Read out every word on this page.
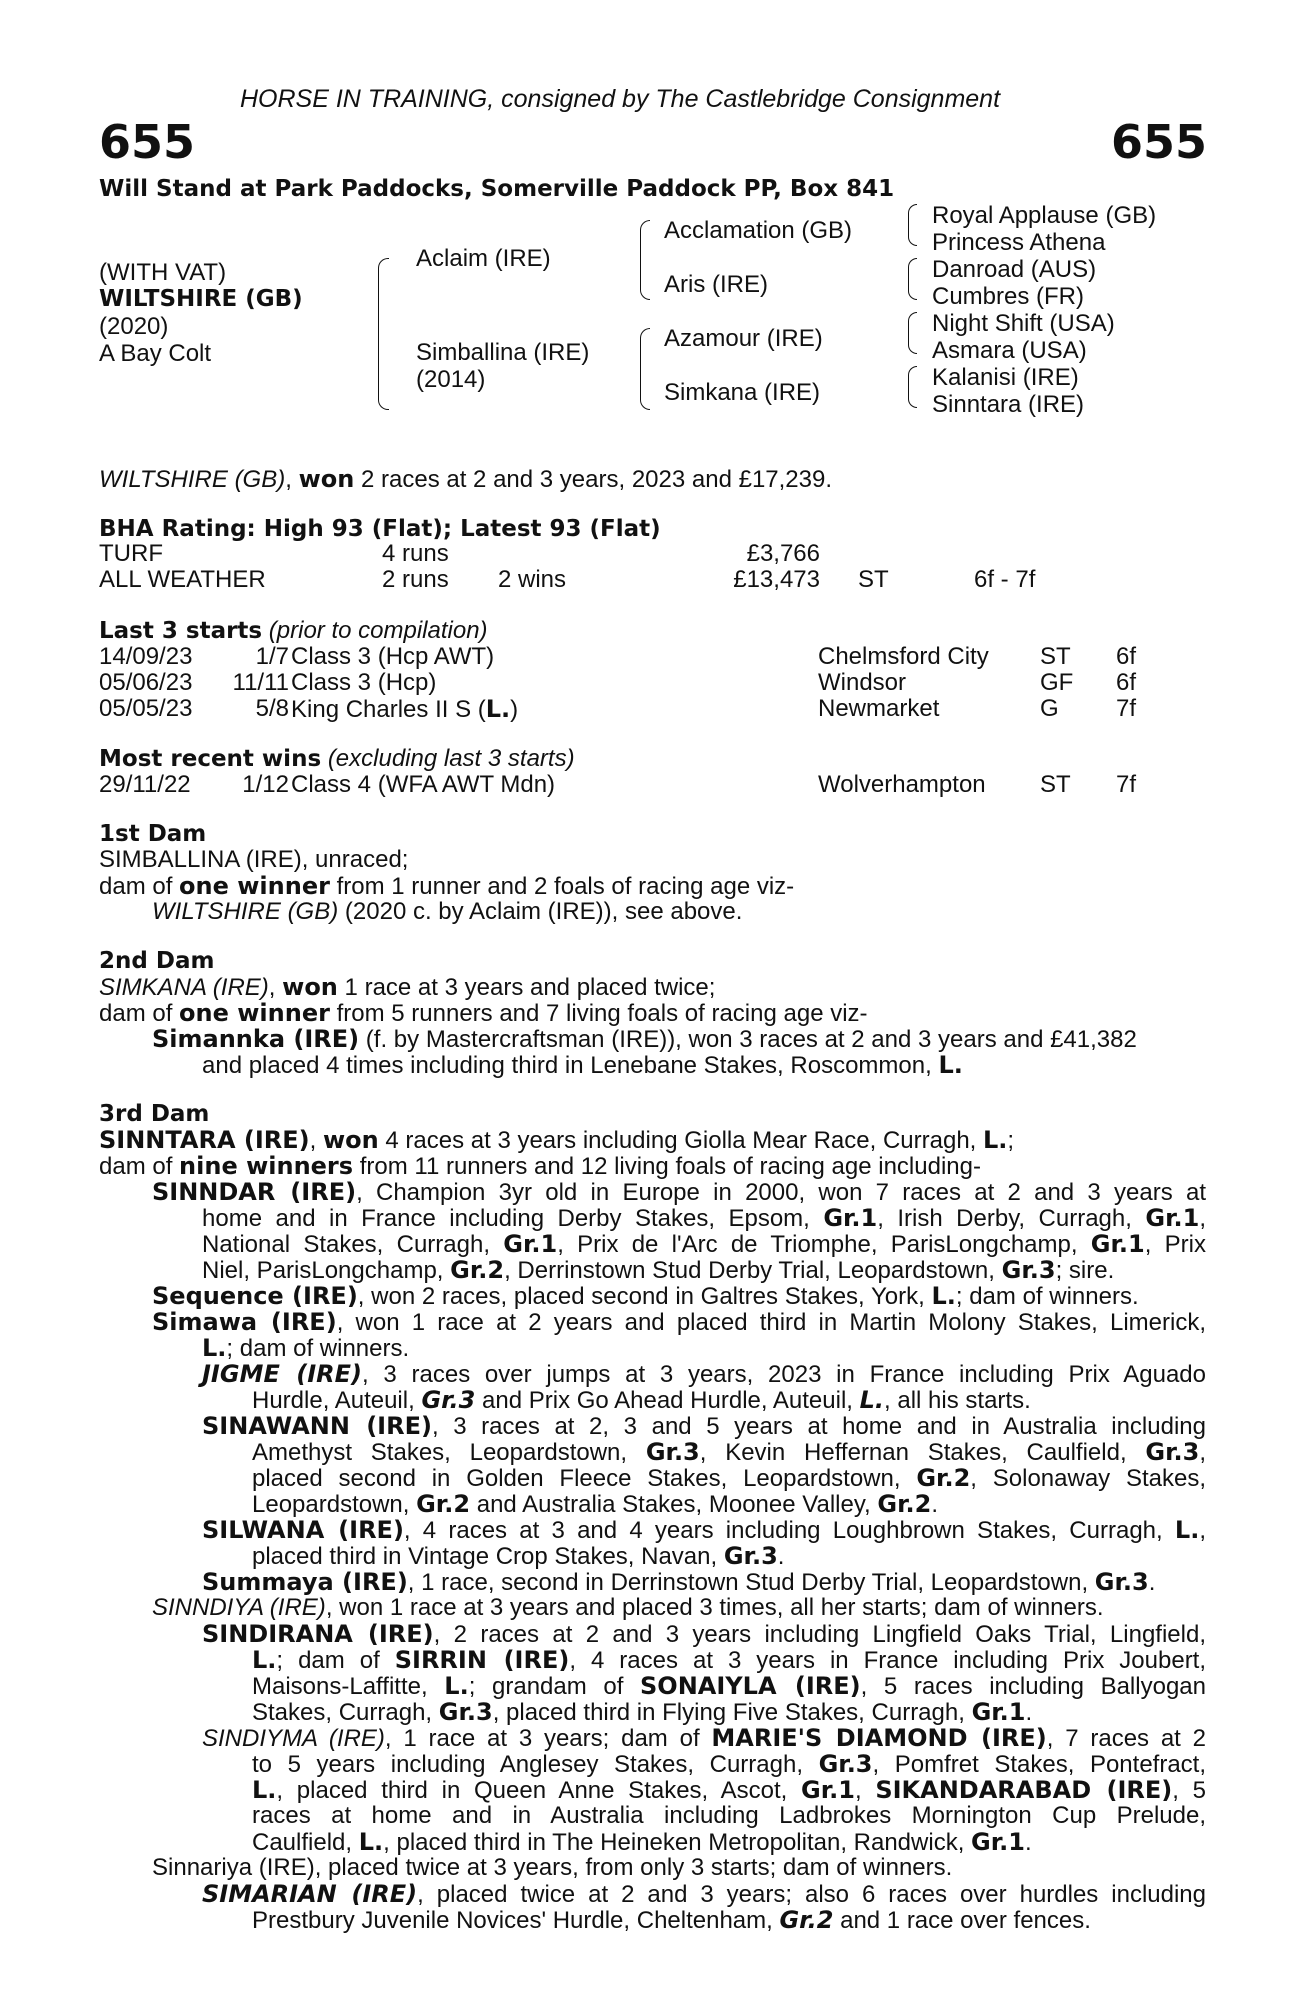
HORSE IN TRAINING, consigned by The Castlebridge Consignment
655	655
Will Stand at Park Paddocks, Somerville Paddock PP, Box 841
(WITH VAT)
WILTSHIRE (GB)
(2020)
A Bay Colt
Aclaim (IRE)
Simballina (IRE)
(2014)
Acclamation (GB)
Aris (IRE)
Azamour (IRE)
Simkana (IRE)
Royal Applause (GB)
Princess Athena
Danroad (AUS)
Cumbres (FR)
Night Shift (USA)
Asmara (USA)
Kalanisi (IRE)
Sinntara (IRE)
WILTSHIRE (GB), won 2 races at 2 and 3 years, 2023 and £17,239.
BHA Rating: High 93 (Flat); Latest 93 (Flat)
TURF	4 runs	£3,766
ALL WEATHER	2 runs 2 wins	£13,473 ST	6f - 7f
Last 3 starts (prior to compilation)
14/09/23	1/7 Class 3 (Hcp AWT)	Chelmsford City ST 6f
05/06/23 11/11 Class 3 (Hcp)	Windsor	GF 6f
05/05/23	5/8 King Charles II S (L.)	Newmarket	G 7f
Most recent wins (excluding last 3 starts)
29/11/22 1/12 Class 4 (WFA AWT Mdn)	Wolverhampton ST 7f
1st Dam
SIMBALLINA (IRE), unraced;
dam of one winner from 1 runner and 2 foals of racing age viz-
WILTSHIRE (GB) (2020 c. by Aclaim (IRE)), see above.
2nd Dam
SIMKANA (IRE), won 1 race at 3 years and placed twice;
dam of one winner from 5 runners and 7 living foals of racing age viz-
Simannka (IRE) (f. by Mastercraftsman (IRE)), won 3 races at 2 and 3 years and £41,382
and placed 4 times including third in Lenebane Stakes, Roscommon, L.
3rd Dam
SINNTARA (IRE), won 4 races at 3 years including Giolla Mear Race, Curragh, L.;
dam of nine winners from 11 runners and 12 living foals of racing age including-
SINNDAR (IRE), Champion 3yr old in Europe in 2000, won 7 races at 2 and 3 years at
home and in France including Derby Stakes, Epsom, Gr.1, Irish Derby, Curragh, Gr.1,
National Stakes, Curragh, Gr.1, Prix de l'Arc de Triomphe, ParisLongchamp, Gr.1, Prix
Niel, ParisLongchamp, Gr.2, Derrinstown Stud Derby Trial, Leopardstown, Gr.3; sire.
Sequence (IRE), won 2 races, placed second in Galtres Stakes, York, L.; dam of winners.
Simawa (IRE), won 1 race at 2 years and placed third in Martin Molony Stakes, Limerick,
L.; dam of winners.
JIGME (IRE), 3 races over jumps at 3 years, 2023 in France including Prix Aguado
Hurdle, Auteuil, Gr.3 and Prix Go Ahead Hurdle, Auteuil, L., all his starts.
SINAWANN (IRE), 3 races at 2, 3 and 5 years at home and in Australia including
Amethyst Stakes, Leopardstown, Gr.3, Kevin Heffernan Stakes, Caulfield, Gr.3,
placed second in Golden Fleece Stakes, Leopardstown, Gr.2, Solonaway Stakes,
Leopardstown, Gr.2 and Australia Stakes, Moonee Valley, Gr.2.
SILWANA (IRE), 4 races at 3 and 4 years including Loughbrown Stakes, Curragh, L.,
placed third in Vintage Crop Stakes, Navan, Gr.3.
Summaya (IRE), 1 race, second in Derrinstown Stud Derby Trial, Leopardstown, Gr.3.
SINNDIYA (IRE), won 1 race at 3 years and placed 3 times, all her starts; dam of winners.
SINDIRANA (IRE), 2 races at 2 and 3 years including Lingfield Oaks Trial, Lingfield,
L.; dam of SIRRIN (IRE), 4 races at 3 years in France including Prix Joubert,
Maisons-Laffitte, L.; grandam of SONAIYLA (IRE), 5 races including Ballyogan
Stakes, Curragh, Gr.3, placed third in Flying Five Stakes, Curragh, Gr.1.
SINDIYMA (IRE), 1 race at 3 years; dam of MARIE'S DIAMOND (IRE), 7 races at 2
to 5 years including Anglesey Stakes, Curragh, Gr.3, Pomfret Stakes, Pontefract,
L., placed third in Queen Anne Stakes, Ascot, Gr.1, SIKANDARABAD (IRE), 5
races at home and in Australia including Ladbrokes Mornington Cup Prelude,
Caulfield, L., placed third in The Heineken Metropolitan, Randwick, Gr.1.
Sinnariya (IRE), placed twice at 3 years, from only 3 starts; dam of winners.
SIMARIAN (IRE), placed twice at 2 and 3 years; also 6 races over hurdles including
Prestbury Juvenile Novices' Hurdle, Cheltenham, Gr.2 and 1 race over fences.
